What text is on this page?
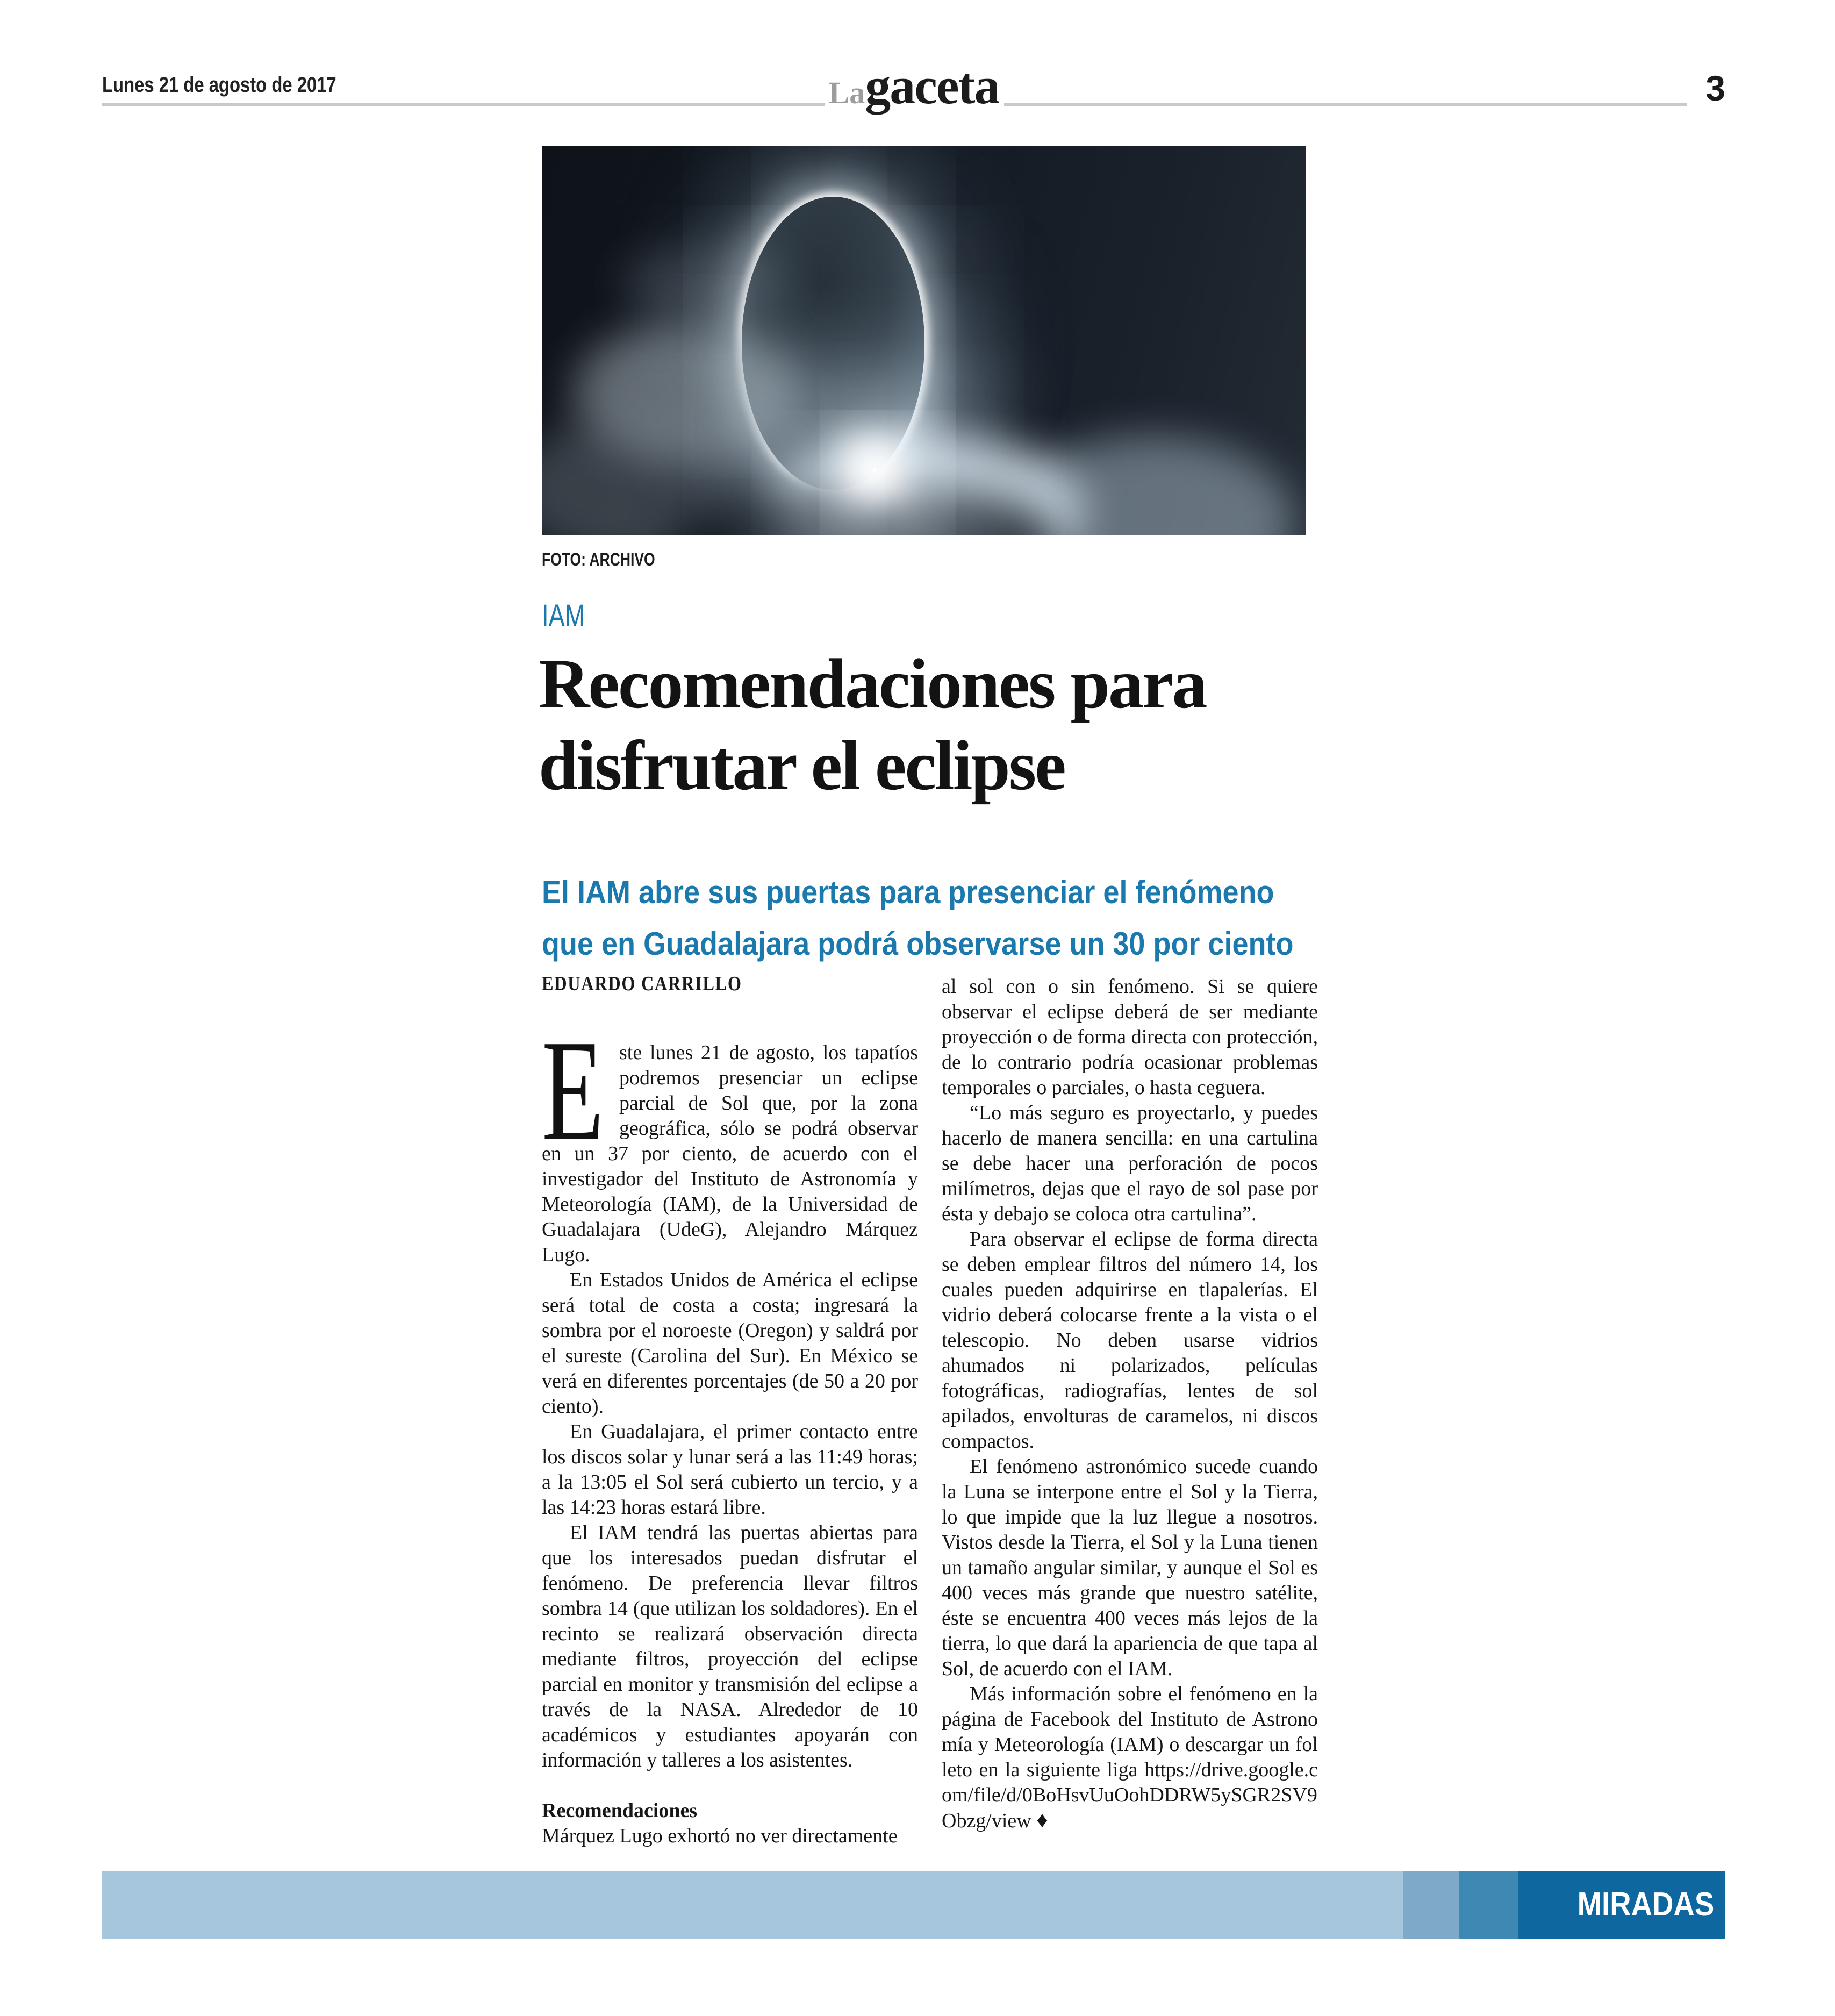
Lunes 21 de agosto de 2017	Lagaceta	3
FOTO: ARCHIVO
IAM
Recomendaciones para
disfrutar el eclipse
El IAM abre sus puertas para presenciar el fenómeno
que en Guadalajara podrá observarse un 30 por ciento
EDUARDO CARRILLO

Este lunes 21 de agosto, los tapatíos podremos presenciar un eclipse parcial de Sol que, por la zona geográfica, sólo se podrá observar en un 37 por ciento, de acuerdo con el investigador del Instituto de Astronomía y Meteorología (IAM), de la Universidad de Guadalajara (UdeG), Alejandro Márquez Lugo.

En Estados Unidos de América el eclipse será total de costa a costa; ingresará la sombra por el noroeste (Oregon) y saldrá por el sureste (Carolina del Sur). En México se verá en diferentes porcentajes (de 50 a 20 por ciento).

En Guadalajara, el primer contacto entre los discos solar y lunar será a las 11:49 horas; a la 13:05 el Sol será cubierto un tercio, y a las 14:23 horas estará libre.

El IAM tendrá las puertas abiertas para que los interesados puedan disfrutar el fenómeno. De preferencia llevar filtros sombra 14 (que utilizan los soldadores). En el recinto se realizará observación directa mediante filtros, proyección del eclipse parcial en monitor y transmisión del eclipse a través de la NASA. Alrededor de 10 académicos y estudiantes apoyarán con información y talleres a los asistentes.

Recomendaciones

Márquez Lugo exhortó no ver directamente

al sol con o sin fenómeno. Si se quiere observar el eclipse deberá de ser mediante proyección o de forma directa con protección, de lo contrario podría ocasionar problemas temporales o parciales, o hasta ceguera.

“Lo más seguro es proyectarlo, y puedes hacerlo de manera sencilla: en una cartulina se debe hacer una perforación de pocos milímetros, dejas que el rayo de sol pase por ésta y debajo se coloca otra cartulina”.

Para observar el eclipse de forma directa se deben emplear filtros del número 14, los cuales pueden adquirirse en tlapalerías. El vidrio deberá colocarse frente a la vista o el telescopio. No deben usarse vidrios ahumados ni polarizados, películas fotográficas, radiografías, lentes de sol apilados, envolturas de caramelos, ni discos compactos.

El fenómeno astronómico sucede cuando la Luna se interpone entre el Sol y la Tierra, lo que impide que la luz llegue a nosotros. Vistos desde la Tierra, el Sol y la Luna tienen un tamaño angular similar, y aunque el Sol es 400 veces más grande que nuestro satélite, éste se encuentra 400 veces más lejos de la tierra, lo que dará la apariencia de que tapa al Sol, de acuerdo con el IAM.

Más información sobre el fenómeno en la página de Facebook del Instituto de Astronomía y Meteorología (IAM) o descargar un folleto en la siguiente liga https://drive.google.com/file/d/0BoHsvUuOohDDRW5ySGR2SV9Obzg/view ♦

MIRADAS
